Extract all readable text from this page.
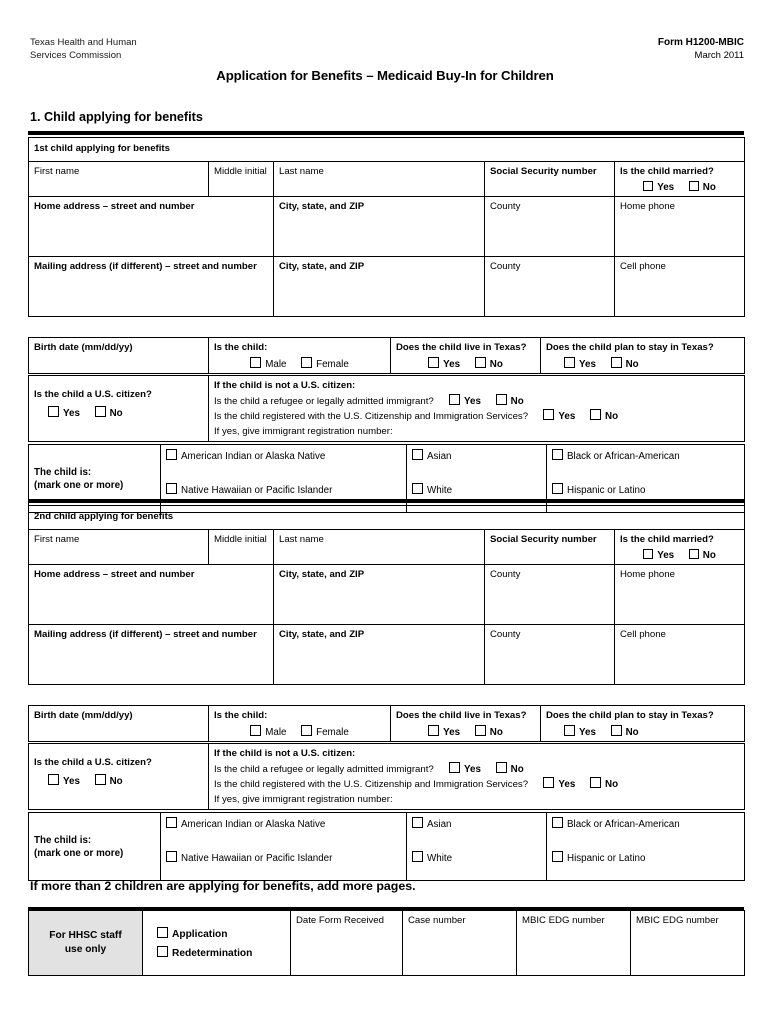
Texas Health and Human
Services Commission
Form H1200-MBIC
March 2011
Application for Benefits – Medicaid Buy-In for Children
1. Child applying for benefits
1st child applying for benefits				
First name	Middle initial	Last name	Social Security number	Is the child married?
Yes No

Home address – street and number		City, state, and ZIP	County	Home phone
Mailing address (if different) – street and number		City, state, and ZIP	County	Cell phone
Birth date (mm/dd/yy)	Is the child:
Male	Female
	Does the child live in Texas?
Yes	No
	Does the child plan to stay in Texas?
Yes	No
Is the child a U.S. citizen?
Yes	No

If the child is not a U.S. citizen:
Is the child a refugee or legally admitted immigrant?	Yes	No
Is the child registered with the U.S. Citizenship and Immigration Services?	Yes	No
If yes, give immigrant registration number:
The child is:
(mark one or more)	American Indian or Alaska Native	Asian	Black or African-American
	Native Hawaiian or Pacific Islander	White	Hispanic or Latino
2nd child applying for benefits				
First name	Middle initial	Last name	Social Security number	Is the child married?
Yes No

Home address – street and number		City, state, and ZIP	County	Home phone
Mailing address (if different) – street and number		City, state, and ZIP	County	Cell phone
Birth date (mm/dd/yy)	Is the child:
Male	Female
	Does the child live in Texas?
Yes	No
	Does the child plan to stay in Texas?
Yes	No
Is the child a U.S. citizen?
Yes	No

If the child is not a U.S. citizen:
Is the child a refugee or legally admitted immigrant?	Yes	No
Is the child registered with the U.S. Citizenship and Immigration Services?	Yes	No
If yes, give immigrant registration number:
The child is:
(mark one or more)	American Indian or Alaska Native	Asian	Black or African-American
	Native Hawaiian or Pacific Islander	White	Hispanic or Latino
If more than 2 children are applying for benefits, add more pages.
For HHSC staff
use only

Application
Redetermination
	Date Form Received	Case number	MBIC EDG number	MBIC EDG number
